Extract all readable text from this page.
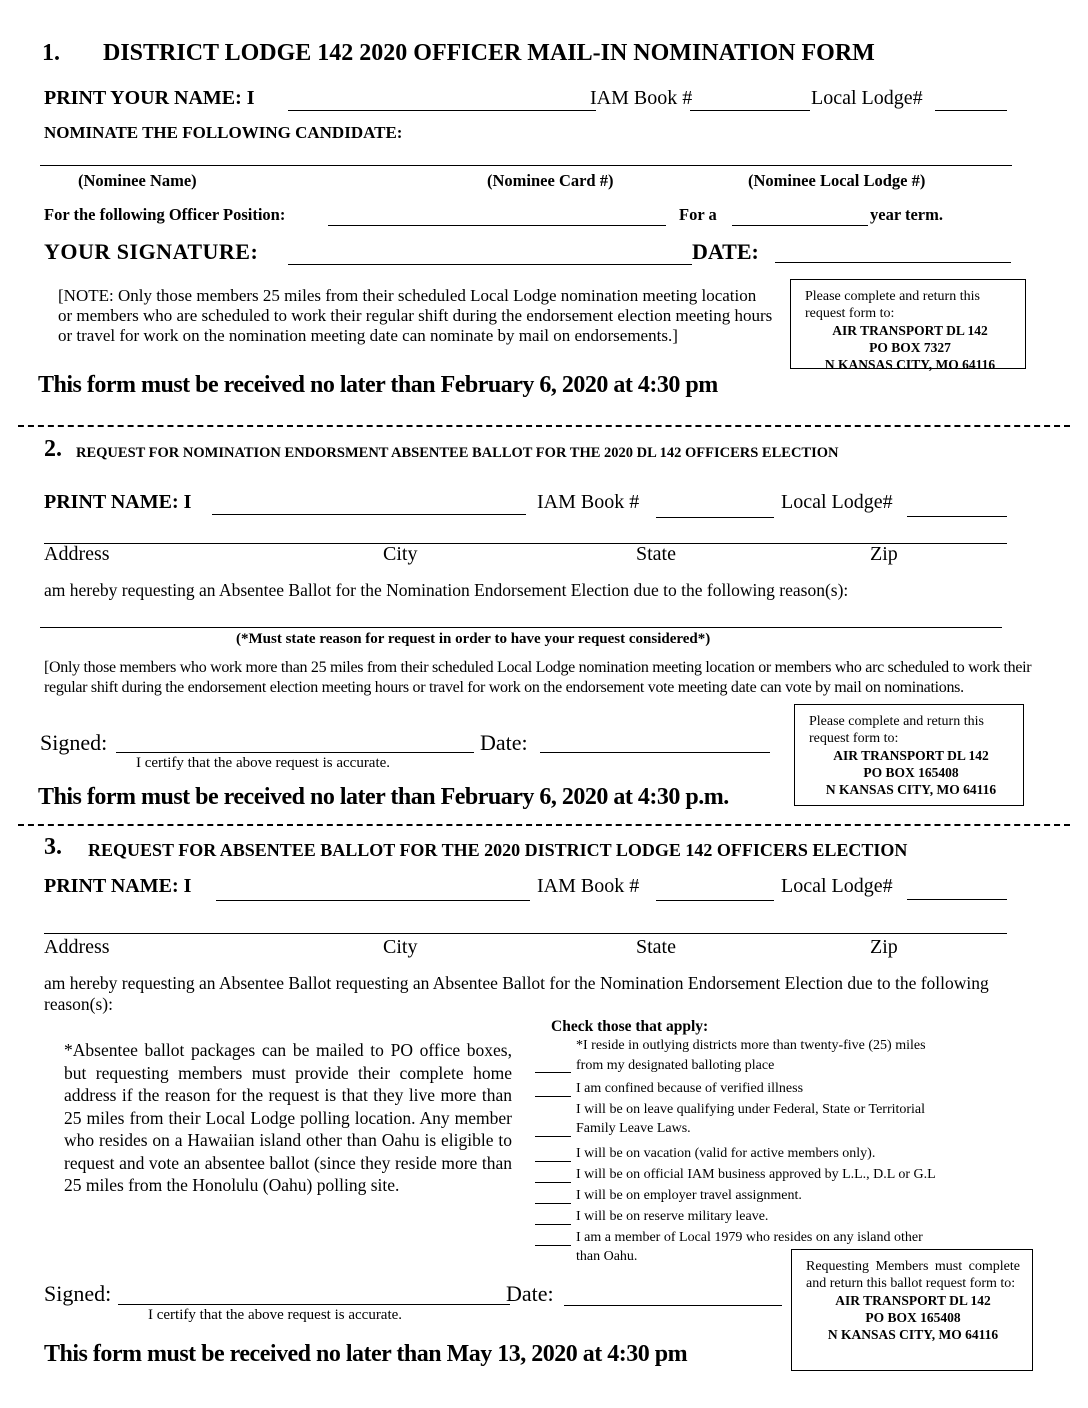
1. DISTRICT LODGE 142 2020 OFFICER MAIL-IN NOMINATION FORM
PRINT YOUR NAME: I	IAM Book #	Local Lodge#
NOMINATE THE FOLLOWING CANDIDATE:
(Nominee Name)	(Nominee Card #)	(Nominee Local Lodge #)
For the following Officer Position:	For a	year term.
YOUR SIGNATURE:	DATE:
[NOTE: Only those members 25 miles from their scheduled Local Lodge nomination meeting location or members who are scheduled to work their regular shift during the endorsement election meeting hours or travel for work on the nomination meeting date can nominate by mail on endorsements.]
This form must be received no later than February 6, 2020 at 4:30 pm
Please complete and return this request form to:
AIR TRANSPORT DL 142
PO BOX 7327
N KANSAS CITY, MO 64116
2. REQUEST FOR NOMINATION ENDORSMENT ABSENTEE BALLOT FOR THE 2020 DL 142 OFFICERS ELECTION
PRINT NAME: I	IAM Book #	Local Lodge#
Address	City	State	Zip
am hereby requesting an Absentee Ballot for the Nomination Endorsement Election due to the following reason(s):
(*Must state reason for request in order to have your request considered*)
[Only those members who work more than 25 miles from their scheduled Local Lodge nomination meeting location or members who arc scheduled to work their regular shift during the endorsement election meeting hours or travel for work on the endorsement vote meeting date can vote by mail on nominations.
Signed:	Date:
I certify that the above request is accurate.
This form must be received no later than February 6, 2020 at 4:30 p.m.
Please complete and return this request form to:
AIR TRANSPORT DL 142
PO BOX 165408
N KANSAS CITY, MO 64116
3. REQUEST FOR ABSENTEE BALLOT FOR THE 2020 DISTRICT LODGE 142 OFFICERS ELECTION
PRINT NAME: I	IAM Book #	Local Lodge#
Address	City	State	Zip
am hereby requesting an Absentee Ballot requesting an Absentee Ballot for the Nomination Endorsement Election due to the following reason(s):
*Absentee ballot packages can be mailed to PO office boxes, but requesting members must provide their complete home address if the reason for the request is that they live more than 25 miles from their Local Lodge polling location. Any member who resides on a Hawaiian island other than Oahu is eligible to request and vote an absentee ballot (since they reside more than 25 miles from the Honolulu (Oahu) polling site.
Check those that apply:
*I reside in outlying districts more than twenty-five (25) miles
from my designated balloting place
I am confined because of verified illness
I will be on leave qualifying under Federal, State or Territorial
Family Leave Laws.
I will be on vacation (valid for active members only).
I will be on official IAM business approved by L.L., D.L or G.L
I will be on employer travel assignment.
I will be on reserve military leave.
I am a member of Local 1979 who resides on any island other
than Oahu.
Signed:	Date:
I certify that the above request is accurate.
This form must be received no later than May 13, 2020 at 4:30 pm
Requesting Members must complete and return this ballot request form to:
AIR TRANSPORT DL 142
PO BOX 165408
N KANSAS CITY, MO 64116
